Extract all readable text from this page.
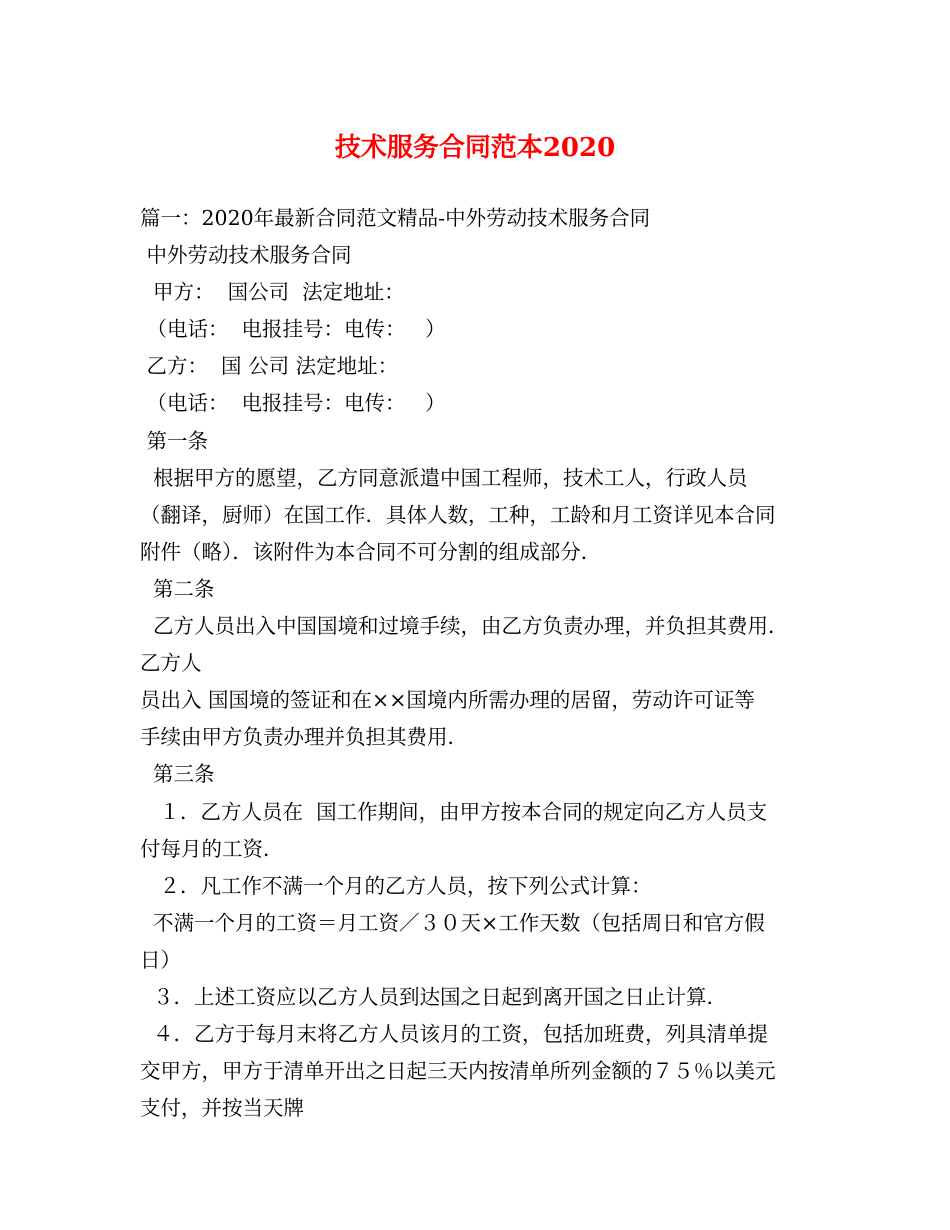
技术服务合同范本2020
篇一：2020年最新合同范文精品-中外劳动技术服务合同
中外劳动技术服务合同
甲方：  国公司  法定地址：
（电话：  电报挂号：电传：   ）
乙方：  国 公司 法定地址：
（电话：  电报挂号：电传：   ）
第一条
根据甲方的愿望，乙方同意派遣中国工程师，技术工人，行政人员
（翻译，厨师）在国工作．具体人数，工种，工龄和月工资详见本合同
附件（略）．该附件为本合同不可分割的组成部分．
第二条
乙方人员出入中国国境和过境手续，由乙方负责办理，并负担其费用．
乙方人
员出入 国国境的签证和在××国境内所需办理的居留，劳动许可证等
手续由甲方负责办理并负担其费用．
第三条
１．乙方人员在  国工作期间，由甲方按本合同的规定向乙方人员支
付每月的工资．
２．凡工作不满一个月的乙方人员，按下列公式计算：
不满一个月的工资＝月工资／３０天×工作天数（包括周日和官方假
日）
３．上述工资应以乙方人员到达国之日起到离开国之日止计算．
４．乙方于每月末将乙方人员该月的工资，包括加班费，列具清单提
交甲方，甲方于清单开出之日起三天内按清单所列金额的７５％以美元
支付，并按当天牌
